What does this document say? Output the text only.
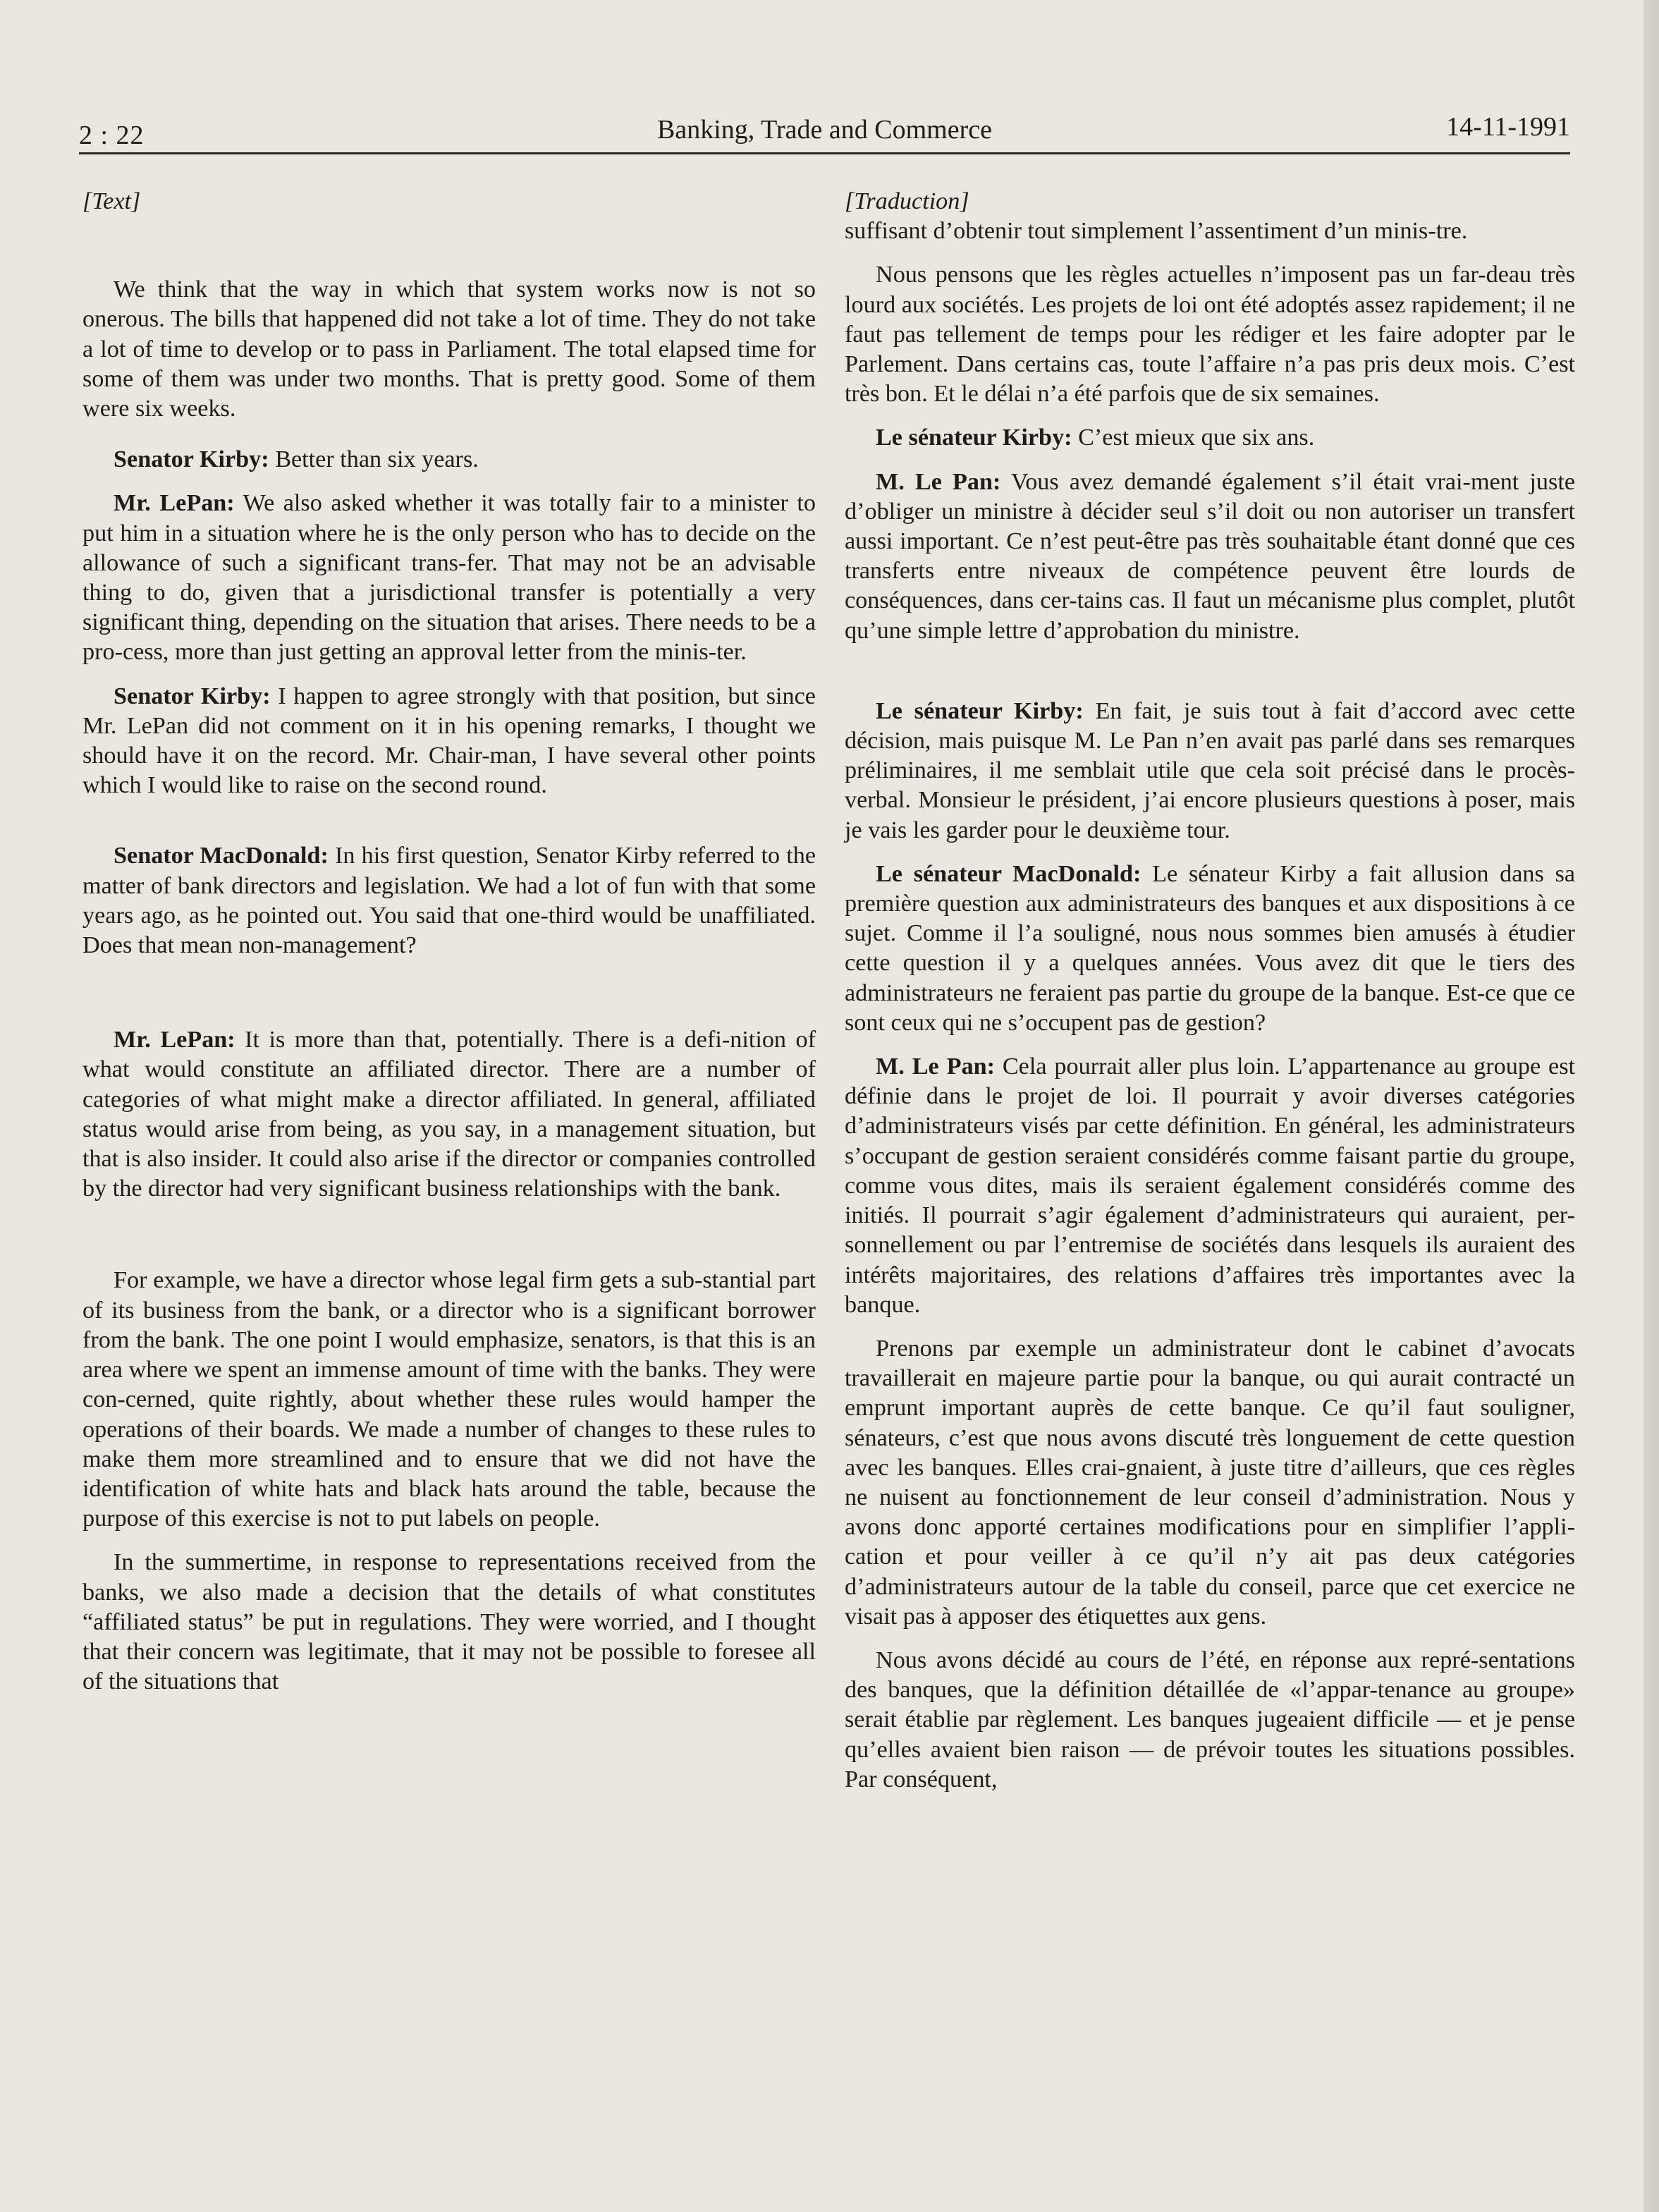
2 : 22	Banking, Trade and Commerce	14-11-1991

[Text]

We think that the way in which that system works now is not so onerous. The bills that happened did not take a lot of time. They do not take a lot of time to develop or to pass in Parliament. The total elapsed time for some of them was under two months. That is pretty good. Some of them were six weeks.

Senator Kirby: Better than six years.

Mr. LePan: We also asked whether it was totally fair to a minister to put him in a situation where he is the only person who has to decide on the allowance of such a significant trans-fer. That may not be an advisable thing to do, given that a jurisdictional transfer is potentially a very significant thing, depending on the situation that arises. There needs to be a pro-cess, more than just getting an approval letter from the minis-ter.

Senator Kirby: I happen to agree strongly with that position, but since Mr. LePan did not comment on it in his opening remarks, I thought we should have it on the record. Mr. Chair-man, I have several other points which I would like to raise on the second round.

Senator MacDonald: In his first question, Senator Kirby referred to the matter of bank directors and legislation. We had a lot of fun with that some years ago, as he pointed out. You said that one-third would be unaffiliated. Does that mean non-management?

Mr. LePan: It is more than that, potentially. There is a defi-nition of what would constitute an affiliated director. There are a number of categories of what might make a director affiliated. In general, affiliated status would arise from being, as you say, in a management situation, but that is also insider. It could also arise if the director or companies controlled by the director had very significant business relationships with the bank.

For example, we have a director whose legal firm gets a sub-stantial part of its business from the bank, or a director who is a significant borrower from the bank. The one point I would emphasize, senators, is that this is an area where we spent an immense amount of time with the banks. They were con-cerned, quite rightly, about whether these rules would hamper the operations of their boards. We made a number of changes to these rules to make them more streamlined and to ensure that we did not have the identification of white hats and black hats around the table, because the purpose of this exercise is not to put labels on people.

In the summertime, in response to representations received from the banks, we also made a decision that the details of what constitutes “affiliated status” be put in regulations. They were worried, and I thought that their concern was legitimate, that it may not be possible to foresee all of the situations that

[Traduction]

suffisant d’obtenir tout simplement l’assentiment d’un minis-tre.

Nous pensons que les règles actuelles n’imposent pas un far-deau très lourd aux sociétés. Les projets de loi ont été adoptés assez rapidement; il ne faut pas tellement de temps pour les rédiger et les faire adopter par le Parlement. Dans certains cas, toute l’affaire n’a pas pris deux mois. C’est très bon. Et le délai n’a été parfois que de six semaines.

Le sénateur Kirby: C’est mieux que six ans.

M. Le Pan: Vous avez demandé également s’il était vrai-ment juste d’obliger un ministre à décider seul s’il doit ou non autoriser un transfert aussi important. Ce n’est peut-être pas très souhaitable étant donné que ces transferts entre niveaux de compétence peuvent être lourds de conséquences, dans cer-tains cas. Il faut un mécanisme plus complet, plutôt qu’une simple lettre d’approbation du ministre.

Le sénateur Kirby: En fait, je suis tout à fait d’accord avec cette décision, mais puisque M. Le Pan n’en avait pas parlé dans ses remarques préliminaires, il me semblait utile que cela soit précisé dans le procès-verbal. Monsieur le président, j’ai encore plusieurs questions à poser, mais je vais les garder pour le deuxième tour.

Le sénateur MacDonald: Le sénateur Kirby a fait allusion dans sa première question aux administrateurs des banques et aux dispositions à ce sujet. Comme il l’a souligné, nous nous sommes bien amusés à étudier cette question il y a quelques années. Vous avez dit que le tiers des administrateurs ne feraient pas partie du groupe de la banque. Est-ce que ce sont ceux qui ne s’occupent pas de gestion?

M. Le Pan: Cela pourrait aller plus loin. L’appartenance au groupe est définie dans le projet de loi. Il pourrait y avoir diverses catégories d’administrateurs visés par cette définition. En général, les administrateurs s’occupant de gestion seraient considérés comme faisant partie du groupe, comme vous dites, mais ils seraient également considérés comme des initiés. Il pourrait s’agir également d’administrateurs qui auraient, per-sonnellement ou par l’entremise de sociétés dans lesquels ils auraient des intérêts majoritaires, des relations d’affaires très importantes avec la banque.

Prenons par exemple un administrateur dont le cabinet d’avocats travaillerait en majeure partie pour la banque, ou qui aurait contracté un emprunt important auprès de cette banque. Ce qu’il faut souligner, sénateurs, c’est que nous avons discuté très longuement de cette question avec les banques. Elles crai-gnaient, à juste titre d’ailleurs, que ces règles ne nuisent au fonctionnement de leur conseil d’administration. Nous y avons donc apporté certaines modifications pour en simplifier l’appli-cation et pour veiller à ce qu’il n’y ait pas deux catégories d’administrateurs autour de la table du conseil, parce que cet exercice ne visait pas à apposer des étiquettes aux gens.

Nous avons décidé au cours de l’été, en réponse aux repré-sentations des banques, que la définition détaillée de «l’appar-tenance au groupe» serait établie par règlement. Les banques jugeaient difficile — et je pense qu’elles avaient bien raison — de prévoir toutes les situations possibles. Par conséquent,
